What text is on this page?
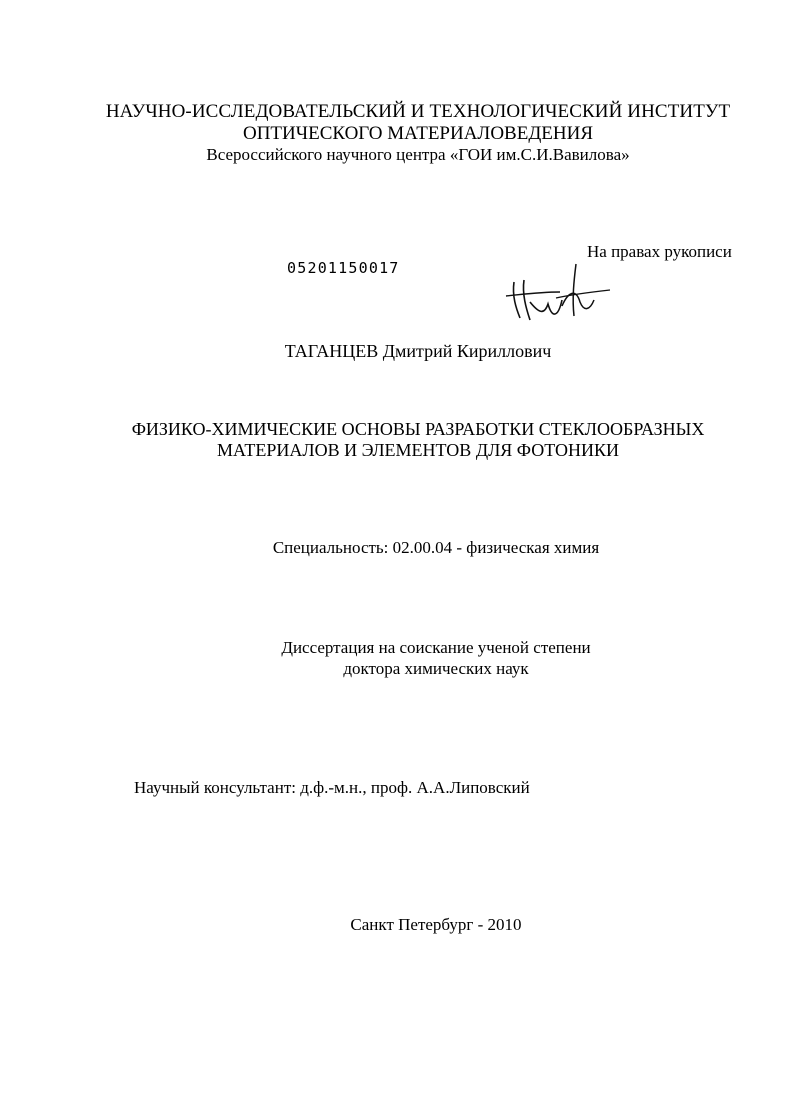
НАУЧНО-ИССЛЕДОВАТЕЛЬСКИЙ И ТЕХНОЛОГИЧЕСКИЙ ИНСТИТУТ
ОПТИЧЕСКОГО МАТЕРИАЛОВЕДЕНИЯ
Всероссийского научного центра «ГОИ им.С.И.Вавилова»
На правах рукописи
05201150017
ТАГАНЦЕВ Дмитрий Кириллович
ФИЗИКО-ХИМИЧЕСКИЕ ОСНОВЫ РАЗРАБОТКИ СТЕКЛООБРАЗНЫХ
МАТЕРИАЛОВ И ЭЛЕМЕНТОВ ДЛЯ ФОТОНИКИ
Специальность: 02.00.04 - физическая химия
Диссертация на соискание ученой степени
доктора химических наук
Научный консультант: д.ф.-м.н., проф. А.А.Липовский
Санкт Петербург - 2010
